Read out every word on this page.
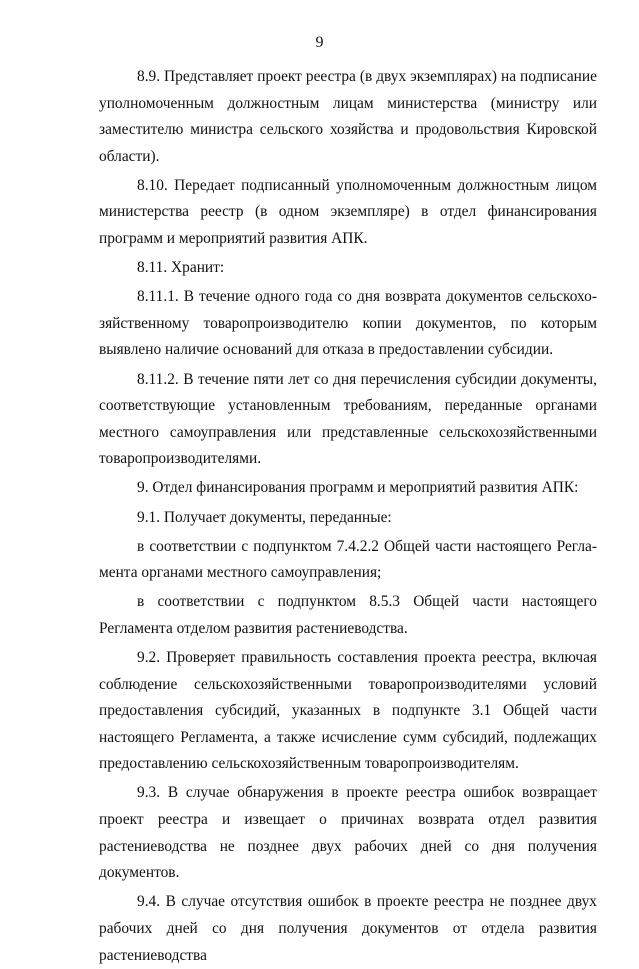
9

8.9. Представляет проект реестра (в двух экземплярах) на подписание уполномоченным должностным лицам министерства (министру или заместителю министра сельского хозяйства и продовольствия Кировской области).

8.10. Передает подписанный уполномоченным должностным лицом министерства реестр (в одном экземпляре) в отдел финансирования программ и мероприятий развития АПК.

8.11. Хранит:

8.11.1. В течение одного года со дня возврата документов сельскохозяйственному товаропроизводителю копии документов, по которым выявлено наличие оснований для отказа в предоставлении субсидии.

8.11.2. В течение пяти лет со дня перечисления субсидии документы, соответствующие установленным требованиям, переданные органами местного самоуправления или представленные сельскохозяйственными товаропроизводителями.

9. Отдел финансирования программ и мероприятий развития АПК:

9.1. Получает документы, переданные:

в соответствии с подпунктом 7.4.2.2 Общей части настоящего Регламента органами местного самоуправления;

в соответствии с подпунктом 8.5.3 Общей части настоящего Регламента отделом развития растениеводства.

9.2. Проверяет правильность составления проекта реестра, включая соблюдение сельскохозяйственными товаропроизводителями условий предоставления субсидий, указанных в подпункте 3.1 Общей части настоящего Регламента, а также исчисление сумм субсидий, подлежащих предоставлению сельскохозяйственным товаропроизводителям.

9.3. В случае обнаружения в проекте реестра ошибок возвращает проект реестра и извещает о причинах возврата отдел развития растениеводства не позднее двух рабочих дней со дня получения документов.

9.4. В случае отсутствия ошибок в проекте реестра не позднее двух рабочих дней со дня получения документов от отдела развития растениеводства
